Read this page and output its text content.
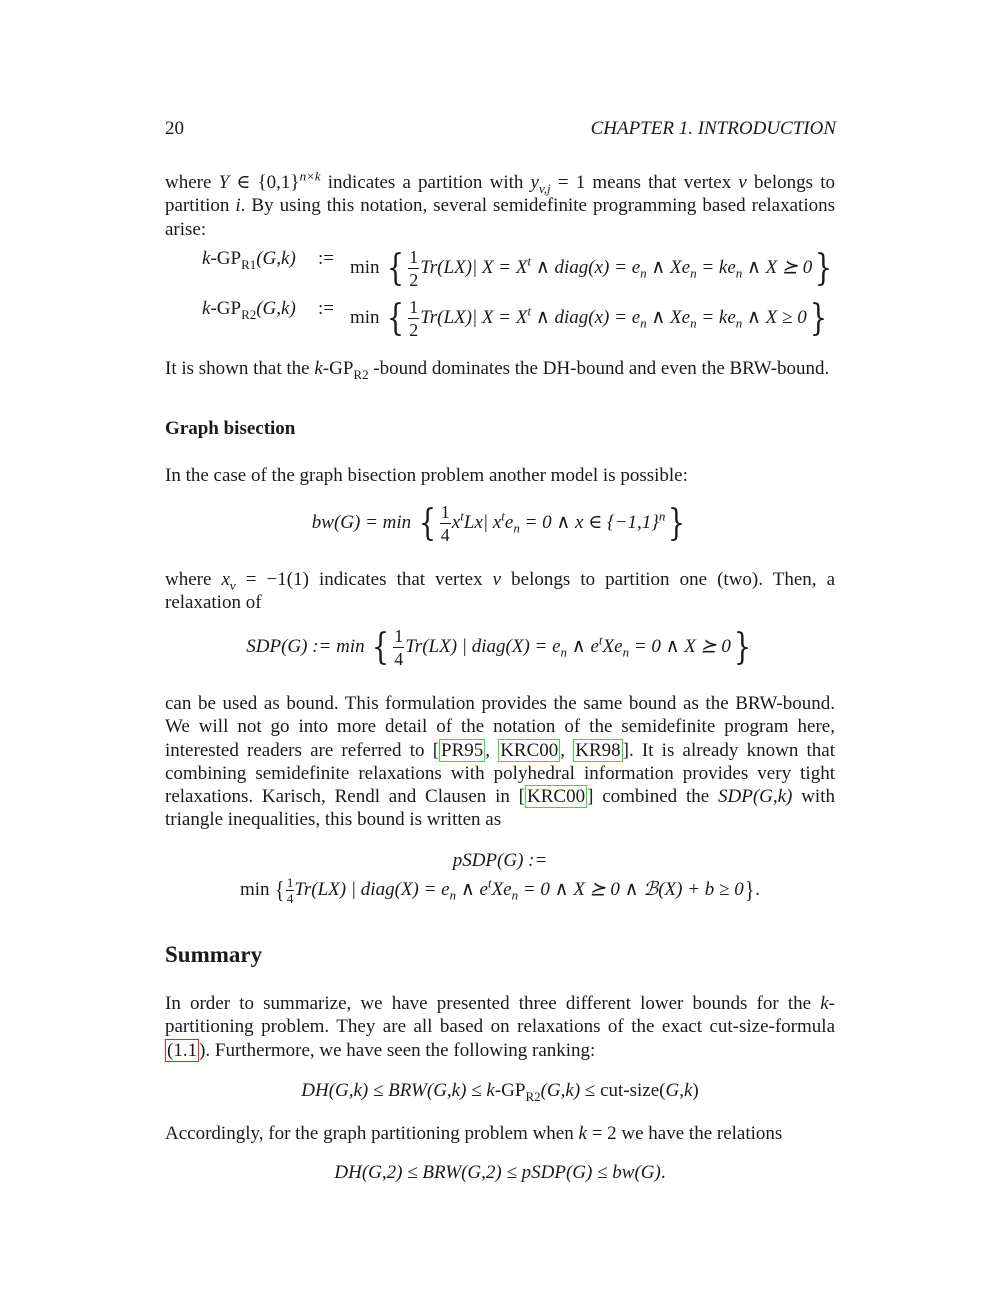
20	CHAPTER 1. INTRODUCTION
where Y ∈ $\{0,1\}^{n\times k}$ indicates a partition with $y_{v,j} = 1$ means that vertex v belongs to partition i. By using this notation, several semidefinite programming based relaxations arise:
$k-GP_{R1}(G,k)$	:= min { $\frac{1}{2} Tr(LX)|$ $X = X^t$ ∧ diag(x) = $e_n$ ∧ $Xe_n = ke_n$ ∧ X ⪰ 0}
$k-GP_{R2}(G,k)$	:= min { $\frac{1}{2} Tr(LX)|$ $X = X^t$ ∧ diag(x) = $e_n$ ∧ $Xe_n = ke_n$ ∧ X ≥ 0}
It is shown that the $k-GP_{R2}$ -bound dominates the DH-bound and even the BRW-bound.
Graph bisection
In the case of the graph bisection problem another model is possible:
bw(G) = min { $\frac{1}{4} x^tLx|$ $x^te_n = 0$ ∧ x ∈ $\{-1,1\}^n$}
where $x_v = -1(1)$ indicates that vertex v belongs to partition one (two). Then, a relaxation of
SDP(G) := min { $\frac{1}{4} Tr(LX)$ | diag(X) = $e_n$ ∧ $e^tXe_n = 0$ ∧ X ⪰ 0}
can be used as bound. This formulation provides the same bound as the BRW-bound. We will not go into more detail of the notation of the semidefinite program here, interested readers are referred to [ PR95 , KRC00 , KR98 ]. It is already known that combining semidefinite relaxations with polyhedral information provides very tight relaxations. Karisch, Rendl and Clausen in [ KRC00 ] combined the SDP(G,k) with triangle inequalities, this bound is written as
pSDP(G) :=
min { $\frac{1}{4} Tr(LX)$ | diag(X) = $e_n$ ∧ $e^tXe_n = 0$ ∧ X ⪰ 0 ∧ ℬ(X) + b ≥ 0}.
Summary
In order to summarize, we have presented three different lower bounds for the k-partitioning problem. They are all based on relaxations of the exact cut-size-formula (1.1 ). Furthermore, we have seen the following ranking:
$DH(G,k) \le BRW(G,k) \le k-GP_{R2}(G,k)$ ≤ cut-size(G,k)
Accordingly, for the graph partitioning problem when k = 2 we have the relations
DH(G,2) ≤ BRW(G,2) ≤ pSDP(G) ≤ bw(G).
